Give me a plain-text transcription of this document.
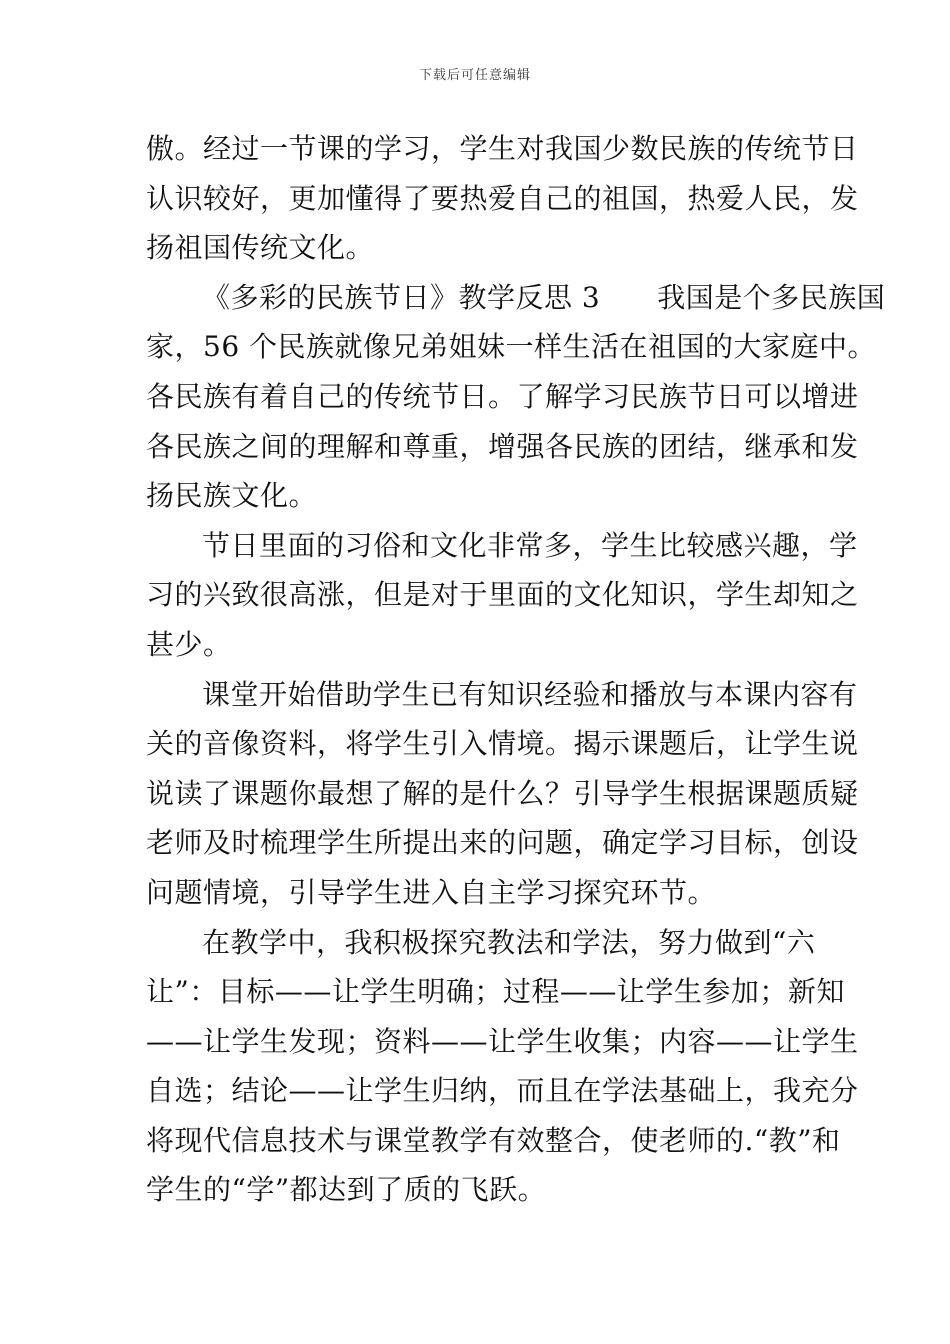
下载后可任意编辑
傲。经过一节课的学习，学生对我国少数民族的传统节日
认识较好，更加懂得了要热爱自己的祖国，热爱人民，发
扬祖国传统文化。
《多彩的民族节日》教学反思 3　　我国是个多民族国
家，56 个民族就像兄弟姐妹一样生活在祖国的大家庭中。
各民族有着自己的传统节日。了解学习民族节日可以增进
各民族之间的理解和尊重，增强各民族的团结，继承和发
扬民族文化。
节日里面的习俗和文化非常多，学生比较感兴趣，学
习的兴致很高涨，但是对于里面的文化知识，学生却知之
甚少。
课堂开始借助学生已有知识经验和播放与本课内容有
关的音像资料，将学生引入情境。揭示课题后，让学生说
说读了课题你最想了解的是什么？引导学生根据课题质疑
老师及时梳理学生所提出来的问题，确定学习目标，创设
问题情境，引导学生进入自主学习探究环节。
在教学中，我积极探究教法和学法，努力做到“六
让”：目标——让学生明确；过程——让学生参加；新知
——让学生发现；资料——让学生收集；内容——让学生
自选；结论——让学生归纳，而且在学法基础上，我充分
将现代信息技术与课堂教学有效整合，使老师的.“教”和
学生的“学”都达到了质的飞跃。
